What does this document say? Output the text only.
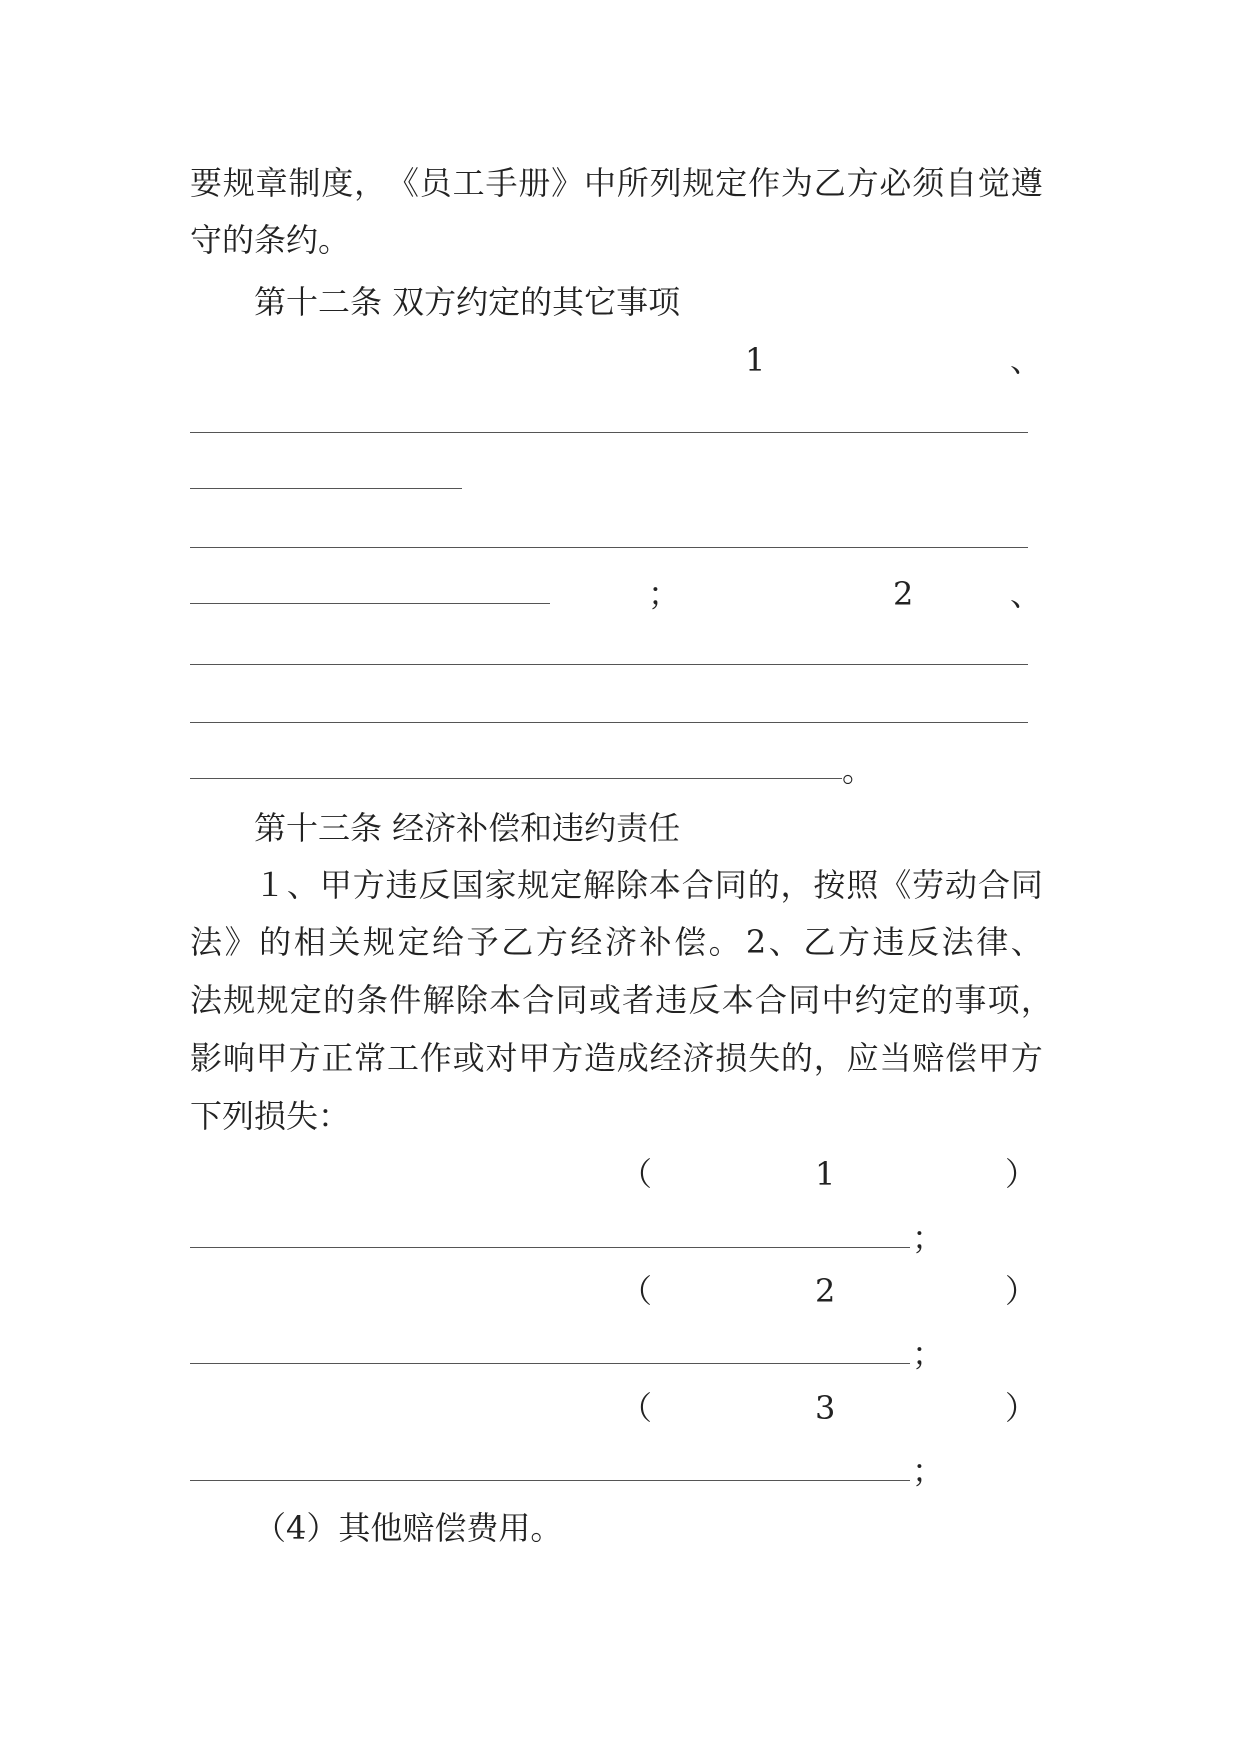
要 规 章 制 度 ， 《 员 工 手 册 》 中 所 列 规 定 作 为 乙 方 必 须 自 觉 遵
守的条约。
第十二条 双方约定的其它事项
1	、
；	2	、
。
第十三条 经济补偿和违约责任
１ 、 甲 方 违 反 国 家 规 定 解 除 本 合 同 的 ， 按 照 《 劳 动 合 同
法 》 的 相 关 规 定 给 予 乙 方 经 济 补 偿 。 2 、 乙 方 违 反 法 律 、
法 规 规 定 的 条 件 解 除 本 合 同 或 者 违 反 本 合 同 中 约 定 的 事 项 ，
影 响 甲 方 正 常 工 作 或 对 甲 方 造 成 经 济 损 失 的 ， 应 当 赔 偿 甲 方
下列损失：
（	1	）
；
（	2	）
；
（	3	）
；
（4）其他赔偿费用。
